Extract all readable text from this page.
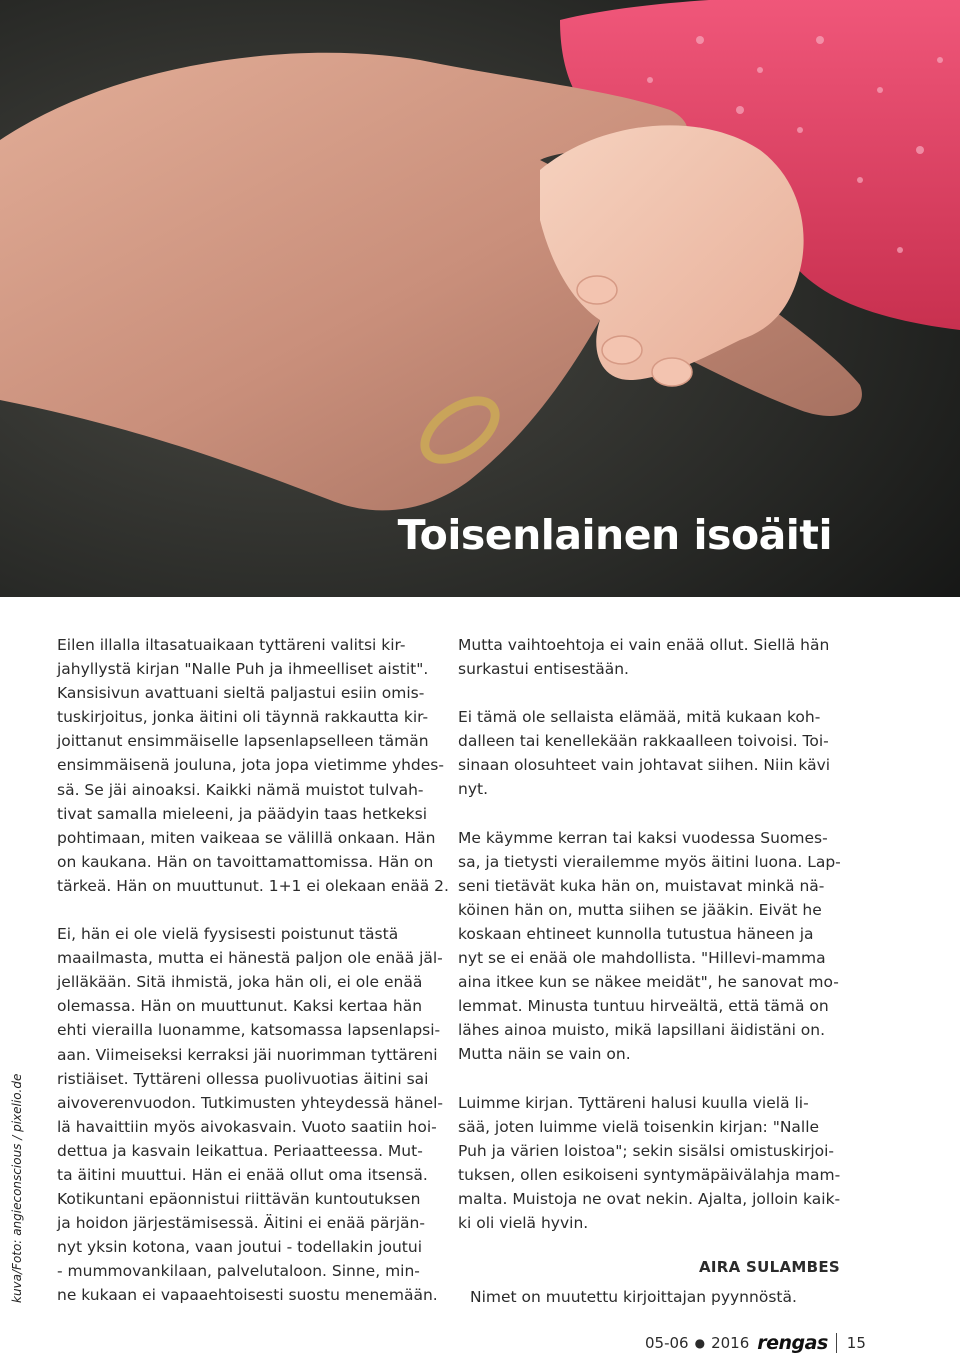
Toisenlainen isoäiti
kuva/Foto: angieconscious / pixelio.de

Eilen illalla iltasatuaikaan tyttäreni valitsi kir-
jahyllystä kirjan "Nalle Puh ja ihmeelliset aistit".
Kansisivun avattuani sieltä paljastui esiin omis-
tuskirjoitus, jonka äitini oli täynnä rakkautta kir-
joittanut ensimmäiselle lapsenlapselleen tämän
ensimmäisenä jouluna, jota jopa vietimme yhdes-
sä. Se jäi ainoaksi. Kaikki nämä muistot tulvah-
tivat samalla mieleeni, ja päädyin taas hetkeksi
pohtimaan, miten vaikeaa se välillä onkaan. Hän
on kaukana. Hän on tavoittamattomissa. Hän on
tärkeä. Hän on muuttunut. 1+1 ei olekaan enää 2.

Ei, hän ei ole vielä fyysisesti poistunut tästä
maailmasta, mutta ei hänestä paljon ole enää jäl-
jelläkään. Sitä ihmistä, joka hän oli, ei ole enää
olemassa. Hän on muuttunut. Kaksi kertaa hän
ehti vierailla luonamme, katsomassa lapsenlapsi-
aan. Viimeiseksi kerraksi jäi nuorimman tyttäreni
ristiäiset. Tyttäreni ollessa puolivuotias äitini sai
aivoverenvuodon. Tutkimusten yhteydessä hänel-
lä havaittiin myös aivokasvain. Vuoto saatiin hoi-
dettua ja kasvain leikattua. Periaatteessa. Mut-
ta äitini muuttui. Hän ei enää ollut oma itsensä.
Kotikuntani epäonnistui riittävän kuntoutuksen
ja hoidon järjestämisessä. Äitini ei enää pärjän-
nyt yksin kotona, vaan joutui - todellakin joutui
- mummovankilaan, palvelutaloon. Sinne, min-
ne kukaan ei vapaaehtoisesti suostu menemään.

Mutta vaihtoehtoja ei vain enää ollut. Siellä hän
surkastui entisestään.

Ei tämä ole sellaista elämää, mitä kukaan koh-
dalleen tai kenellekään rakkaalleen toivoisi. Toi-
sinaan olosuhteet vain johtavat siihen. Niin kävi
nyt.

Me käymme kerran tai kaksi vuodessa Suomes-
sa, ja tietysti vierailemme myös äitini luona. Lap-
seni tietävät kuka hän on, muistavat minkä nä-
köinen hän on, mutta siihen se jääkin. Eivät he
koskaan ehtineet kunnolla tutustua häneen ja
nyt se ei enää ole mahdollista. "Hillevi-mamma
aina itkee kun se näkee meidät", he sanovat mo-
lemmat. Minusta tuntuu hirveältä, että tämä on
lähes ainoa muisto, mikä lapsillani äidistäni on.
Mutta näin se vain on.

Luimme kirjan. Tyttäreni halusi kuulla vielä li-
sää, joten luimme vielä toisenkin kirjan: "Nalle
Puh ja värien loistoa"; sekin sisälsi omistuskirjoi-
tuksen, ollen esikoiseni syntymäpäivälahja mam-
malta. Muistoja ne ovat nekin. Ajalta, jolloin kaik-
ki oli vielä hyvin.

AIRA SULAMBES

Nimet on muutettu kirjoittajan pyynnöstä.

05-06 ● 2016 rengas 15
